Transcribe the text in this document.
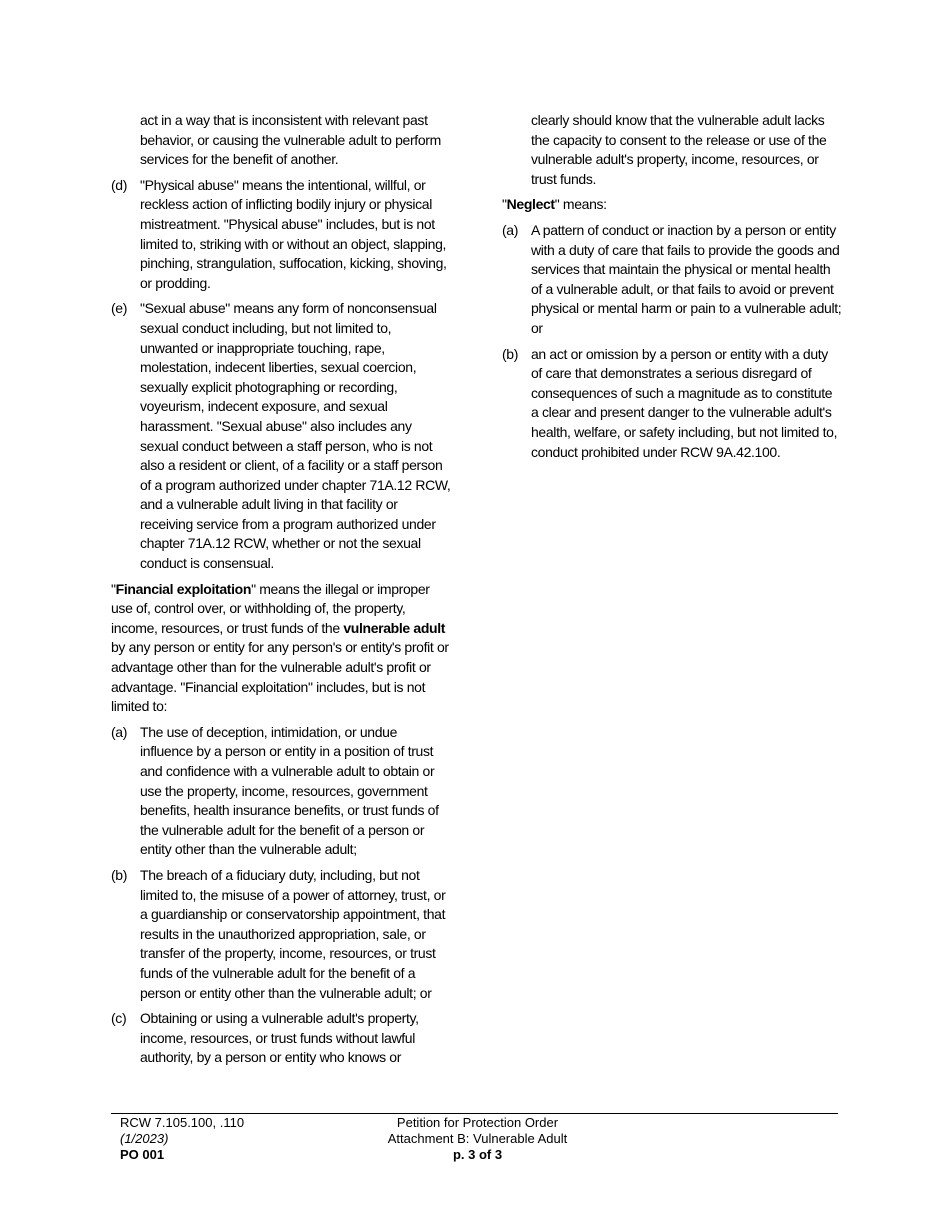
act in a way that is inconsistent with relevant past behavior, or causing the vulnerable adult to perform services for the benefit of another.
(d) "Physical abuse" means the intentional, willful, or reckless action of inflicting bodily injury or physical mistreatment. "Physical abuse" includes, but is not limited to, striking with or without an object, slapping, pinching, strangulation, suffocation, kicking, shoving, or prodding.
(e) "Sexual abuse" means any form of nonconsensual sexual conduct including, but not limited to, unwanted or inappropriate touching, rape, molestation, indecent liberties, sexual coercion, sexually explicit photographing or recording, voyeurism, indecent exposure, and sexual harassment. "Sexual abuse" also includes any sexual conduct between a staff person, who is not also a resident or client, of a facility or a staff person of a program authorized under chapter 71A.12 RCW, and a vulnerable adult living in that facility or receiving service from a program authorized under chapter 71A.12 RCW, whether or not the sexual conduct is consensual.
"Financial exploitation" means the illegal or improper use of, control over, or withholding of, the property, income, resources, or trust funds of the vulnerable adult by any person or entity for any person's or entity's profit or advantage other than for the vulnerable adult's profit or advantage. "Financial exploitation" includes, but is not limited to:
(a) The use of deception, intimidation, or undue influence by a person or entity in a position of trust and confidence with a vulnerable adult to obtain or use the property, income, resources, government benefits, health insurance benefits, or trust funds of the vulnerable adult for the benefit of a person or entity other than the vulnerable adult;
(b) The breach of a fiduciary duty, including, but not limited to, the misuse of a power of attorney, trust, or a guardianship or conservatorship appointment, that results in the unauthorized appropriation, sale, or transfer of the property, income, resources, or trust funds of the vulnerable adult for the benefit of a person or entity other than the vulnerable adult; or
(c) Obtaining or using a vulnerable adult's property, income, resources, or trust funds without lawful authority, by a person or entity who knows or
clearly should know that the vulnerable adult lacks the capacity to consent to the release or use of the vulnerable adult's property, income, resources, or trust funds.
"Neglect" means:
(a) A pattern of conduct or inaction by a person or entity with a duty of care that fails to provide the goods and services that maintain the physical or mental health of a vulnerable adult, or that fails to avoid or prevent physical or mental harm or pain to a vulnerable adult; or
(b) an act or omission by a person or entity with a duty of care that demonstrates a serious disregard of consequences of such a magnitude as to constitute a clear and present danger to the vulnerable adult's health, welfare, or safety including, but not limited to, conduct prohibited under RCW 9A.42.100.
RCW 7.105.100, .110
(1/2023)
PO 001
Petition for Protection Order
Attachment B: Vulnerable Adult
p. 3 of 3
